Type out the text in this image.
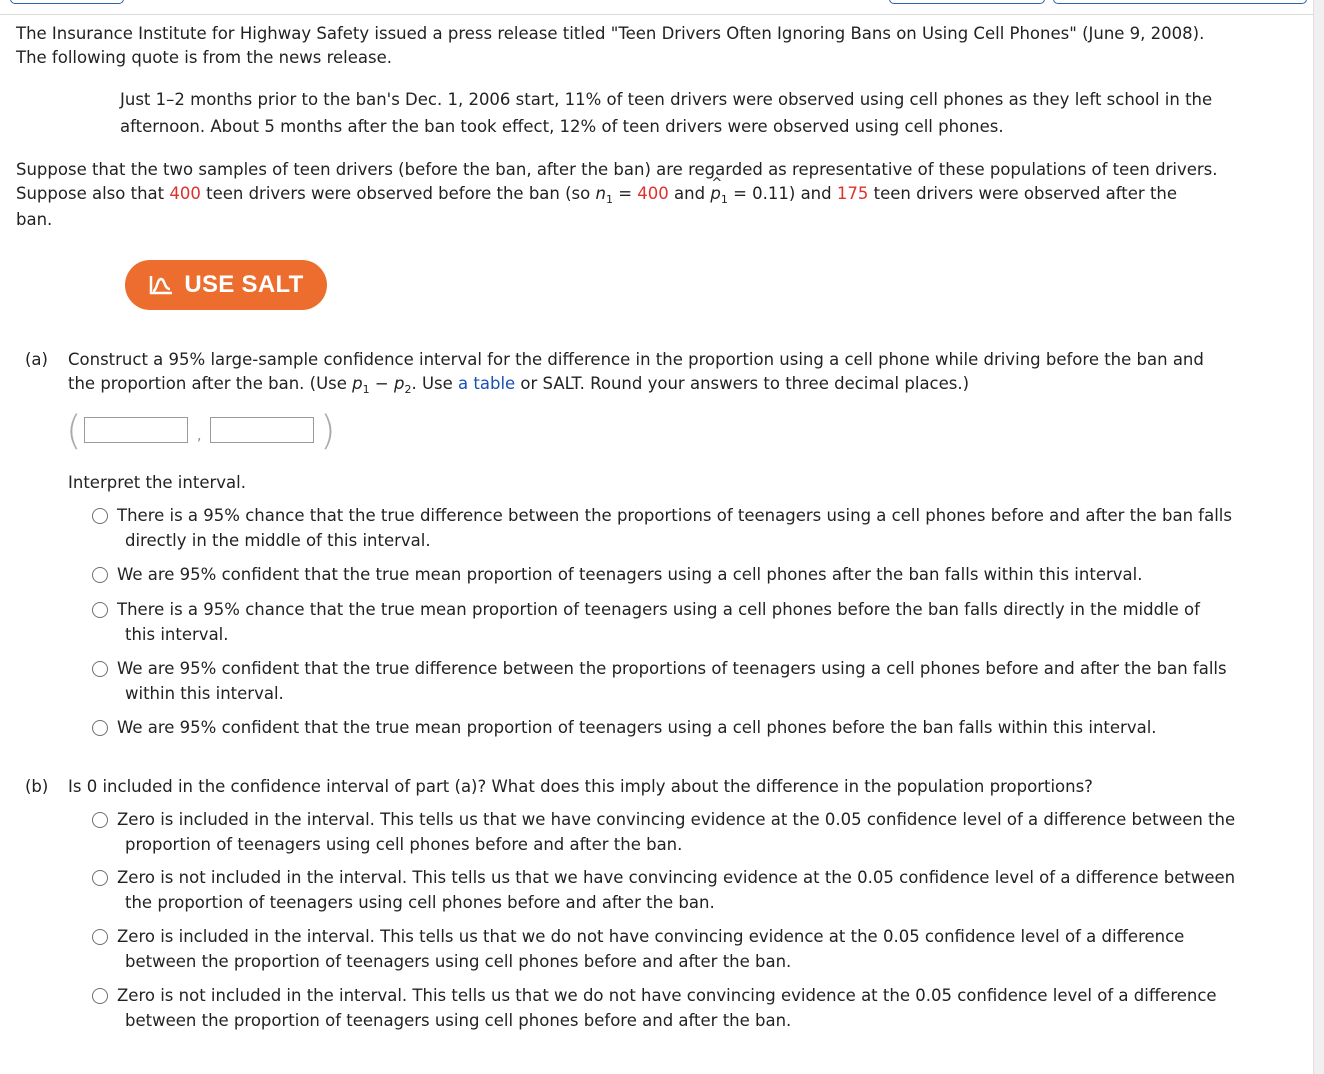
The Insurance Institute for Highway Safety issued a press release titled "Teen Drivers Often Ignoring Bans on Using Cell Phones" (June 9, 2008).

The following quote is from the news release.

Just 1–2 months prior to the ban's Dec. 1, 2006 start, 11% of teen drivers were observed using cell phones as they left school in the

afternoon. About 5 months after the ban took effect, 12% of teen drivers were observed using cell phones.

Suppose that the two samples of teen drivers (before the ban, after the ban) are regarded as representative of these populations of teen drivers.

Suppose also that 400 teen drivers were observed before the ban (so $n_1 = 400$ and ^ $p_1 = 0.11$) and 175 teen drivers were observed after the

ban.

USE SALT

(a) Construct a 95% large-sample confidence interval for the difference in the proportion using a cell phone while driving before the ban and

the proportion after the ban. (Use $p_1 - p_2$. Use a table or SALT. Round your answers to three decimal places.)

(	,	)

Interpret the interval.

There is a 95% chance that the true difference between the proportions of teenagers using a cell phones before and after the ban falls
directly in the middle of this interval.
We are 95% confident that the true mean proportion of teenagers using a cell phones after the ban falls within this interval.
There is a 95% chance that the true mean proportion of teenagers using a cell phones before the ban falls directly in the middle of
this interval.
We are 95% confident that the true difference between the proportions of teenagers using a cell phones before and after the ban falls
within this interval.
We are 95% confident that the true mean proportion of teenagers using a cell phones before the ban falls within this interval.

(b) Is 0 included in the confidence interval of part (a)? What does this imply about the difference in the population proportions?

Zero is included in the interval. This tells us that we have convincing evidence at the 0.05 confidence level of a difference between the
proportion of teenagers using cell phones before and after the ban.
Zero is not included in the interval. This tells us that we have convincing evidence at the 0.05 confidence level of a difference between
the proportion of teenagers using cell phones before and after the ban.
Zero is included in the interval. This tells us that we do not have convincing evidence at the 0.05 confidence level of a difference
between the proportion of teenagers using cell phones before and after the ban.
Zero is not included in the interval. This tells us that we do not have convincing evidence at the 0.05 confidence level of a difference
between the proportion of teenagers using cell phones before and after the ban.
